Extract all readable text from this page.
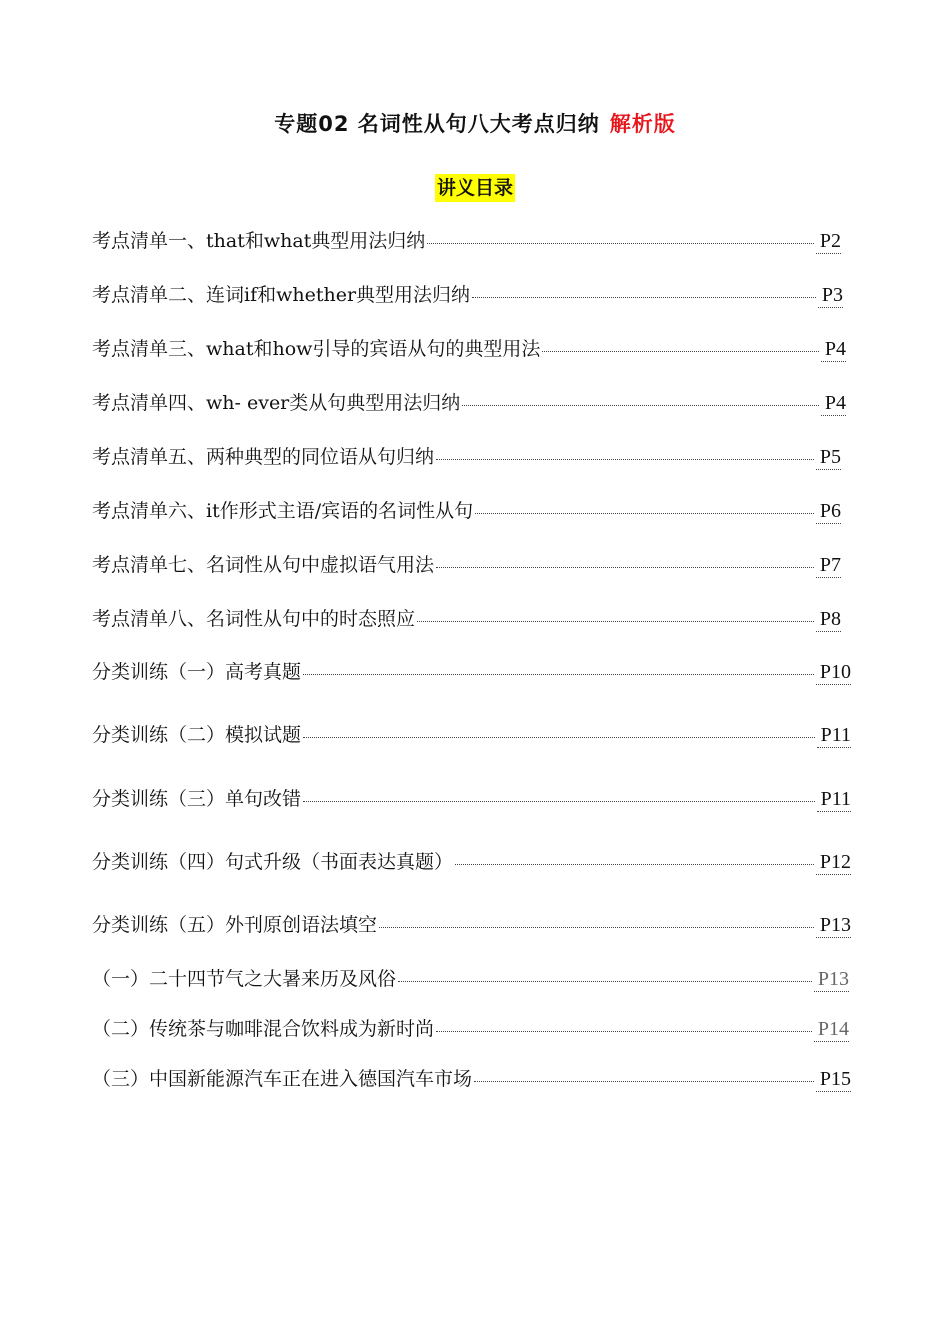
专题02 名词性从句八大考点归纳 解析版
讲义目录
考点清单一、that和what典型用法归纳	P2
考点清单二、连词if和whether典型用法归纳	P3
考点清单三、what和how引导的宾语从句的典型用法	P4
考点清单四、wh- ever类从句典型用法归纳	P4
考点清单五、两种典型的同位语从句归纳	P5
考点清单六、it作形式主语/宾语的名词性从句	P6
考点清单七、名词性从句中虚拟语气用法	P7
考点清单八、名词性从句中的时态照应	P8
分类训练（一）高考真题	P10
分类训练（二）模拟试题	P11
分类训练（三）单句改错	P11
分类训练（四）句式升级（书面表达真题）	P12
分类训练（五）外刊原创语法填空	P13
（一）二十四节气之大暑来历及风俗	P13
（二）传统茶与咖啡混合饮料成为新时尚	P14
（三）中国新能源汽车正在进入德国汽车市场	P15
